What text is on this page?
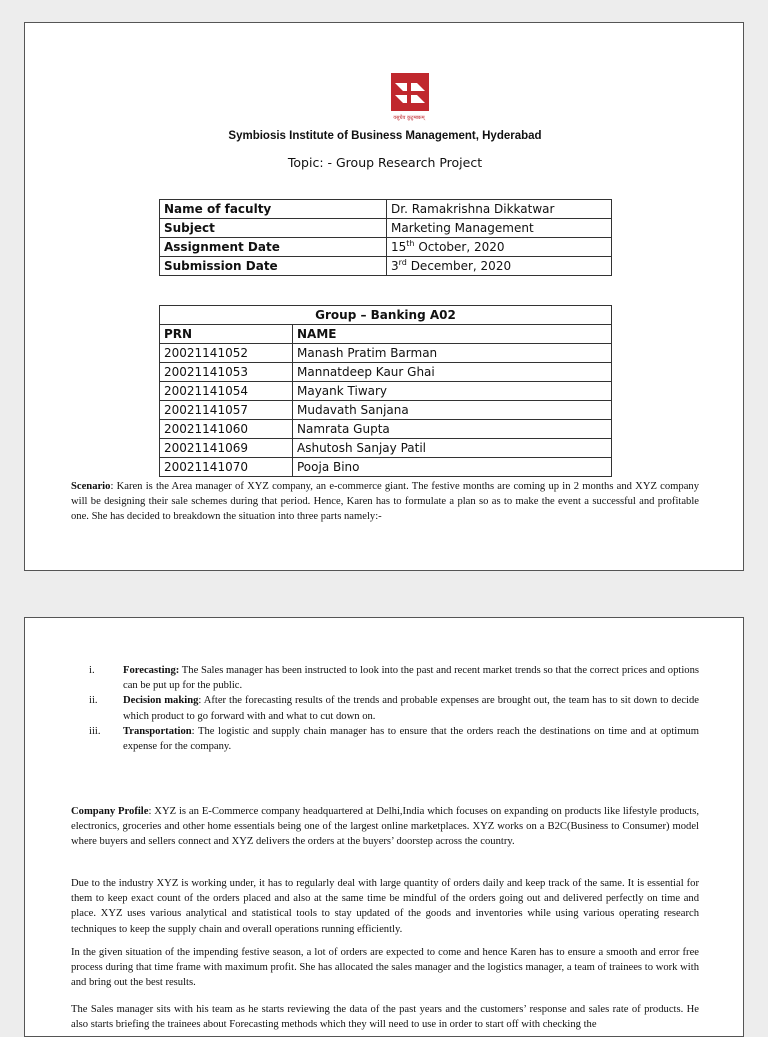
वसुधैव कुटुम्बकम्
Symbiosis Institute of Business Management, Hyderabad
Topic: - Group Research Project
Name of faculty	Dr. Ramakrishna Dikkatwar
Subject	Marketing Management
Assignment Date	15th October, 2020
Submission Date	3rd December, 2020
Group – Banking A02	
PRN	NAME
20021141052	Manash Pratim Barman
20021141053	Mannatdeep Kaur Ghai
20021141054	Mayank Tiwary
20021141057	Mudavath Sanjana
20021141060	Namrata Gupta
20021141069	Ashutosh Sanjay Patil
20021141070	Pooja Bino
Scenario: Karen is the Area manager of XYZ company, an e-commerce giant. The festive months are coming up in 2 months and XYZ company will be designing their sale schemes during that period. Hence, Karen has to formulate a plan so as to make the event a successful and profitable one. She has decided to breakdown the situation into three parts namely:-
i.	Forecasting: The Sales manager has been instructed to look into the past and recent market trends so that the correct prices and options can be put up for the public.
ii. Decision making: After the forecasting results of the trends and probable expenses are brought out, the team has to sit down to decide which product to go forward with and what to cut down on.
iii. Transportation: The logistic and supply chain manager has to ensure that the orders reach the destinations on time and at optimum expense for the company.
Company Profile: XYZ is an E-Commerce company headquartered at Delhi,India which focuses on expanding on products like lifestyle products, electronics, groceries and other home essentials being one of the largest online marketplaces. XYZ works on a B2C(Business to Consumer) model where buyers and sellers connect and XYZ delivers the orders at the buyers’ doorstep across the country.
Due to the industry XYZ is working under, it has to regularly deal with large quantity of orders daily and keep track of the same. It is essential for them to keep exact count of the orders placed and also at the same time be mindful of the orders going out and delivered perfectly on time and place. XYZ uses various analytical and statistical tools to stay updated of the goods and inventories while using various operating research techniques to keep the supply chain and overall operations running efficiently.
In the given situation of the impending festive season, a lot of orders are expected to come and hence Karen has to ensure a smooth and error free process during that time frame with maximum profit. She has allocated the sales manager and the logistics manager, a team of trainees to work with and bring out the best results.
The Sales manager sits with his team as he starts reviewing the data of the past years and the customers’ response and sales rate of products. He also starts briefing the trainees about Forecasting methods which they will need to use in order to start off with checking the
